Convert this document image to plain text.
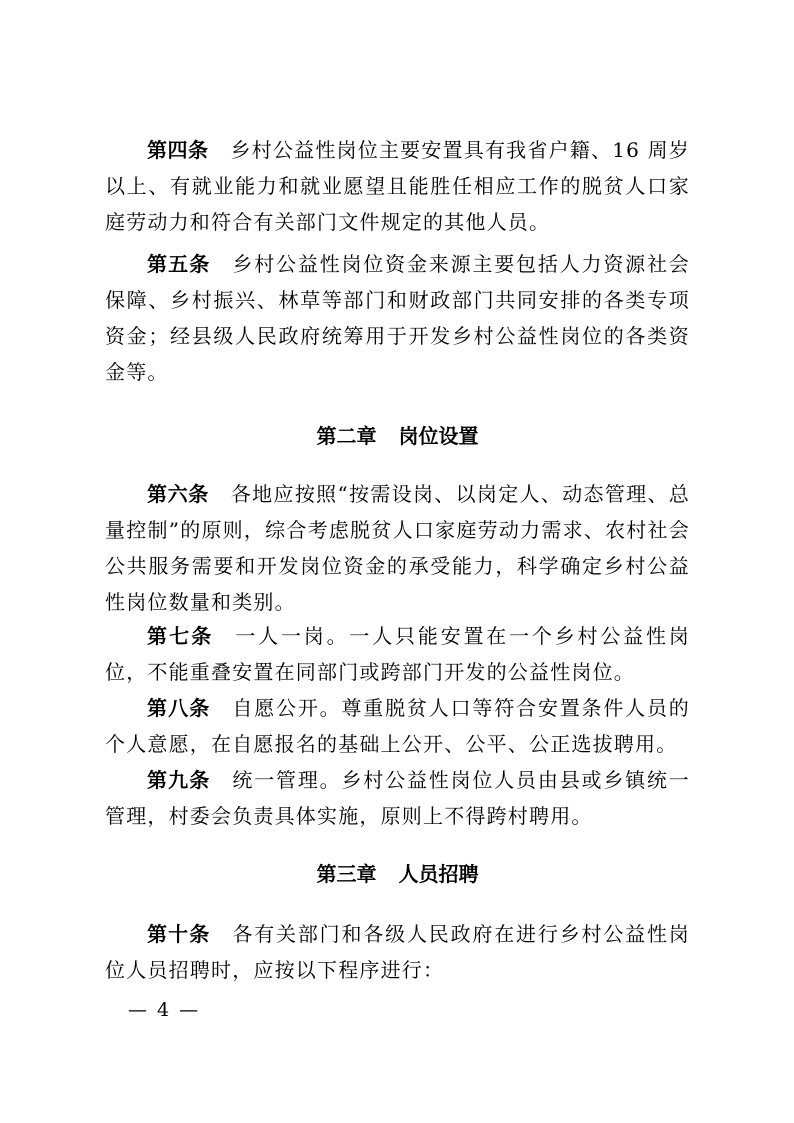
第四条 乡村公益性岗位主要安置具有我省户籍、16 周岁以上、有就业能力和就业愿望且能胜任相应工作的脱贫人口家庭劳动力和符合有关部门文件规定的其他人员。

第五条 乡村公益性岗位资金来源主要包括人力资源社会保障、乡村振兴、林草等部门和财政部门共同安排的各类专项资金；经县级人民政府统筹用于开发乡村公益性岗位的各类资金等。

第二章 岗位设置

第六条 各地应按照“按需设岗、以岗定人、动态管理、总量控制”的原则，综合考虑脱贫人口家庭劳动力需求、农村社会公共服务需要和开发岗位资金的承受能力，科学确定乡村公益性岗位数量和类别。

第七条 一人一岗。一人只能安置在一个乡村公益性岗位，不能重叠安置在同部门或跨部门开发的公益性岗位。

第八条 自愿公开。尊重脱贫人口等符合安置条件人员的个人意愿，在自愿报名的基础上公开、公平、公正选拔聘用。

第九条 统一管理。乡村公益性岗位人员由县或乡镇统一管理，村委会负责具体实施，原则上不得跨村聘用。

第三章 人员招聘

第十条 各有关部门和各级人民政府在进行乡村公益性岗位人员招聘时，应按以下程序进行：

— 4 —
